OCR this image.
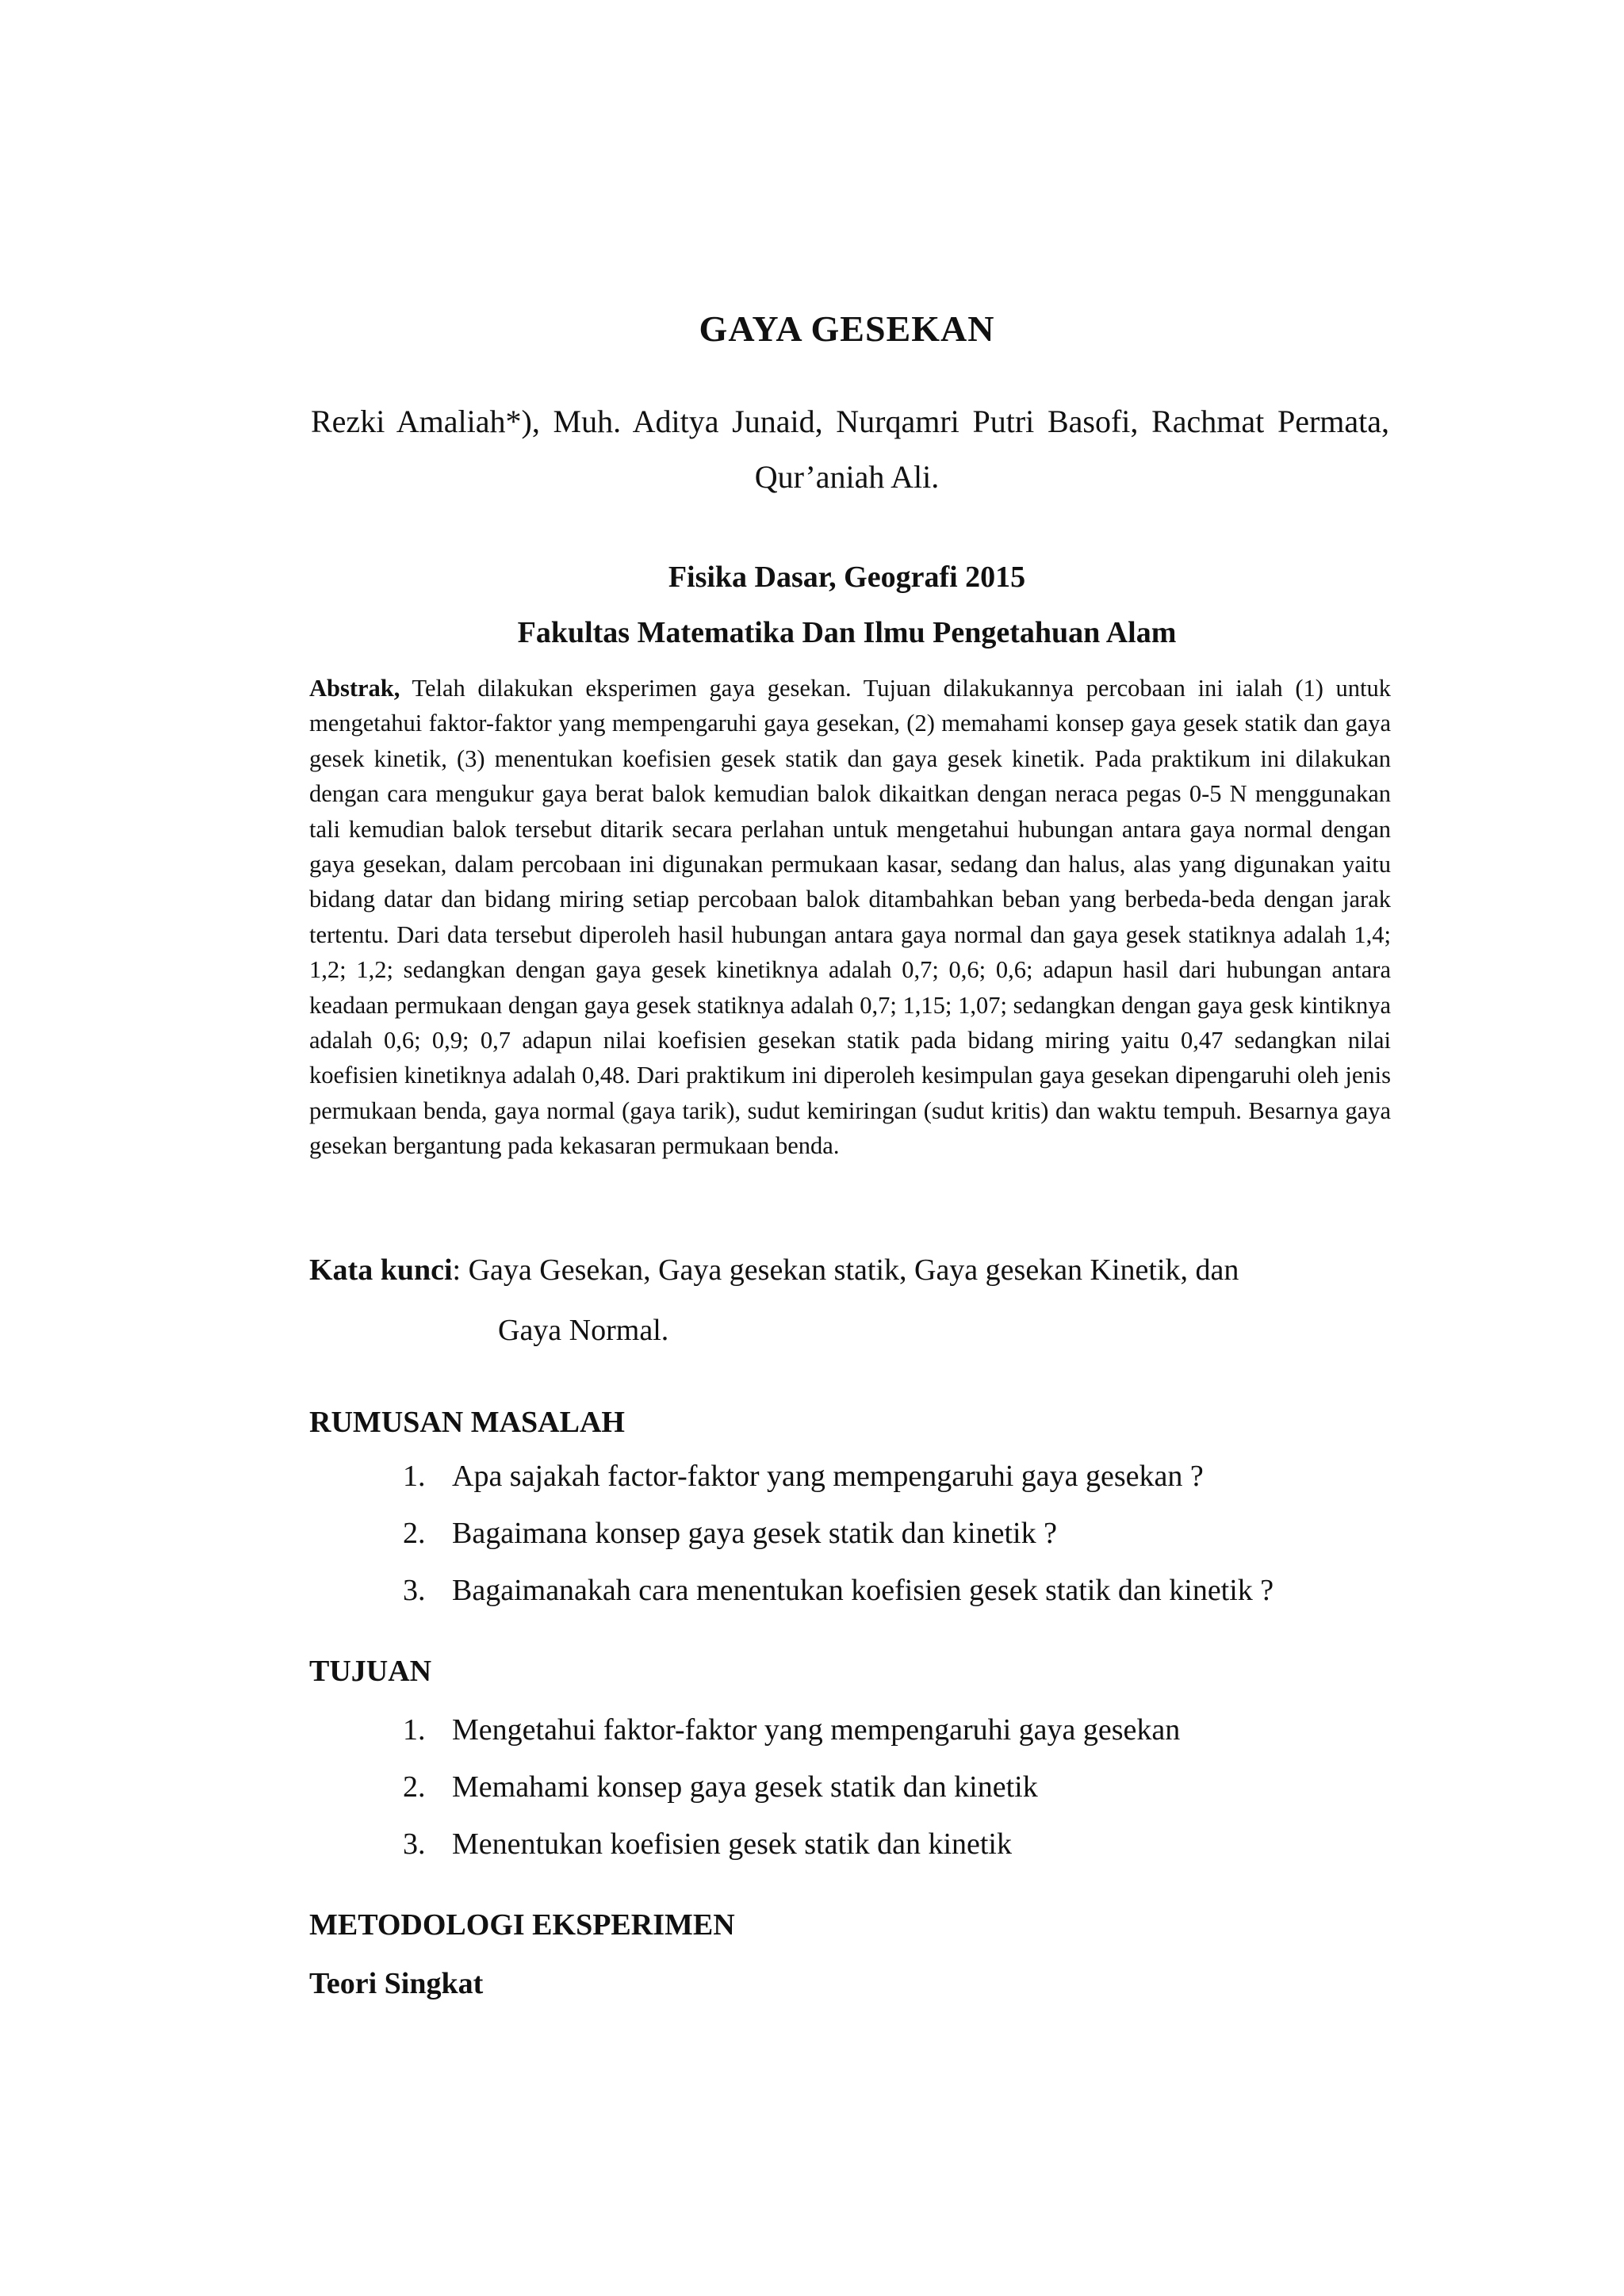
GAYA GESEKAN

Rezki Amaliah*), Muh. Aditya Junaid, Nurqamri Putri Basofi, Rachmat Permata,

Qur’aniah Ali.

Fisika Dasar, Geografi 2015

Fakultas Matematika Dan Ilmu Pengetahuan Alam

Abstrak, Telah dilakukan eksperimen gaya gesekan. Tujuan dilakukannya percobaan ini ialah (1) untuk mengetahui faktor-faktor yang mempengaruhi gaya gesekan, (2) memahami konsep gaya gesek statik dan gaya gesek kinetik, (3) menentukan koefisien gesek statik dan gaya gesek kinetik. Pada praktikum ini dilakukan dengan cara mengukur gaya berat balok kemudian balok dikaitkan dengan neraca pegas 0-5 N menggunakan tali kemudian balok tersebut ditarik secara perlahan untuk mengetahui hubungan antara gaya normal dengan gaya gesekan, dalam percobaan ini digunakan permukaan kasar, sedang dan halus, alas yang digunakan yaitu bidang datar dan bidang miring setiap percobaan balok ditambahkan beban yang berbeda-beda dengan jarak tertentu. Dari data tersebut diperoleh hasil hubungan antara gaya normal dan gaya gesek statiknya adalah 1,4; 1,2; 1,2; sedangkan dengan gaya gesek kinetiknya adalah 0,7; 0,6; 0,6; adapun hasil dari hubungan antara keadaan permukaan dengan gaya gesek statiknya adalah 0,7; 1,15; 1,07; sedangkan dengan gaya gesk kintiknya adalah 0,6; 0,9; 0,7 adapun nilai koefisien gesekan statik pada bidang miring yaitu 0,47 sedangkan nilai koefisien kinetiknya adalah 0,48. Dari praktikum ini diperoleh kesimpulan gaya gesekan dipengaruhi oleh jenis permukaan benda, gaya normal (gaya tarik), sudut kemiringan (sudut kritis) dan waktu tempuh. Besarnya gaya gesekan bergantung pada kekasaran permukaan benda.

Kata kunci: Gaya Gesekan, Gaya gesekan statik, Gaya gesekan Kinetik, dan
Gaya Normal.

RUMUSAN MASALAH
1. Apa sajakah factor-faktor yang mempengaruhi gaya gesekan ?
2. Bagaimana konsep gaya gesek statik dan kinetik ?
3. Bagaimanakah cara menentukan koefisien gesek statik dan kinetik ?
TUJUAN
1. Mengetahui faktor-faktor yang mempengaruhi gaya gesekan
2. Memahami konsep gaya gesek statik dan kinetik
3. Menentukan koefisien gesek statik dan kinetik
METODOLOGI EKSPERIMEN
Teori Singkat
